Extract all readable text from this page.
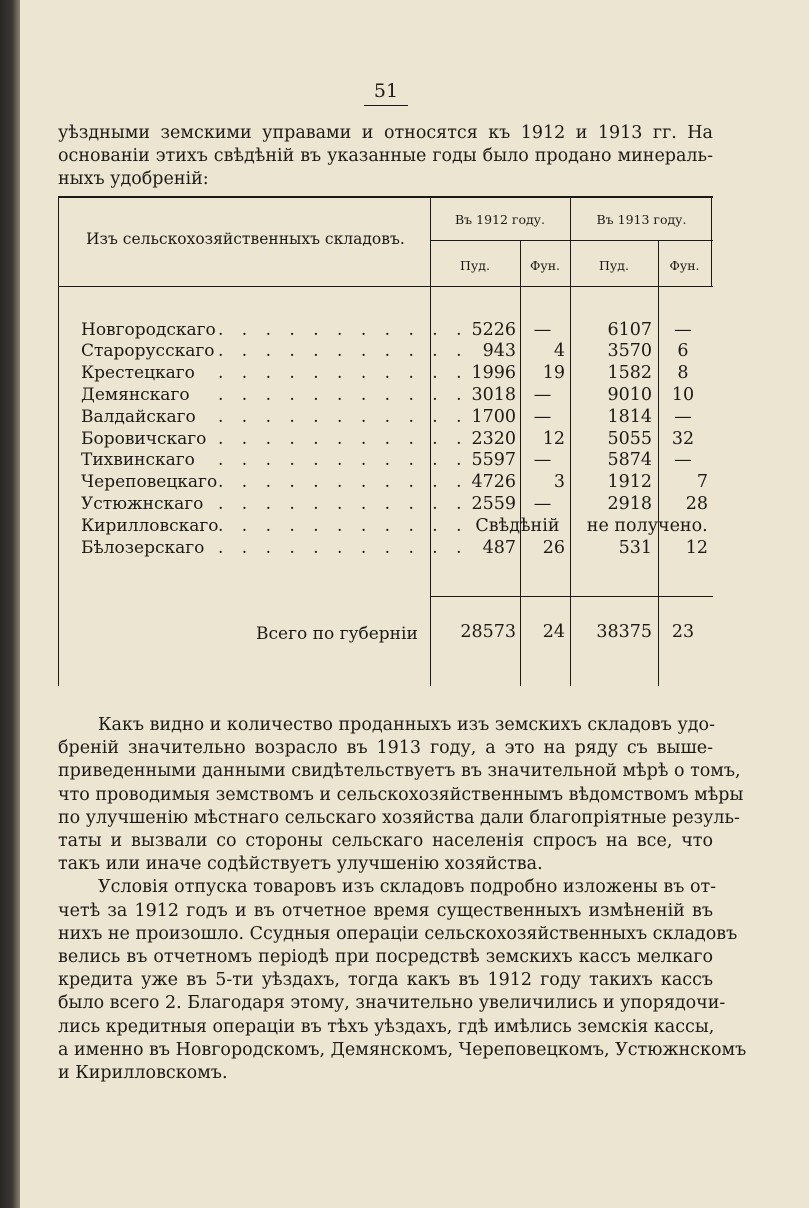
51
уѣздными земскими управами и относятся къ 1912 и 1913 гг. На
основаніи этихъ свѣдѣній въ указанные годы было продано минераль-
ныхъ удобреній:
Изъ сельскохозяйственныхъ складовъ.
Въ 1912 году.	Въ 1913 году.
Пуд.	Фун.	Пуд.	Фун.
Новгородскаго . . . . . . . . . . . 5226	—	6107	—
Старорусскаго . . . . . . . . . . . 943	4	3570	6
Крестецкаго . . . . . . . . . . . 1996	19	1582	8
Демянскаго . . . . . . . . . . . 3018	—	9010	10
Валдайскаго . . . . . . . . . . . 1700	—	1814	—
Боровичскаго . . . . . . . . . . . 2320	12	5055	32
Тихвинскаго . . . . . . . . . . . 5597	—	5874	—
Череповецкаго . . . . . . . . . . . 4726	3	1912	7
Устюжнскаго . . . . . . . . . . . 2559	—	2918	28
Кирилловскаго . . . . . . . . . . . Свѣд ѣній	не полу чено.
Бѣлозерскаго . . . . . . . . . . . 487	26	531	12
Всего по губерніи	28573	24	38375	23
Какъ видно и количество проданныхъ изъ земскихъ складовъ удо-
бреній значительно возрасло въ 1913 году, а это на ряду съ выше-
приведенными данными свидѣтельствуетъ въ значительной мѣрѣ о томъ,
что проводимыя земствомъ и сельскохозяйственнымъ вѣдомствомъ мѣры
по улучшенію мѣстнаго сельскаго хозяйства дали благопріятные резуль-
таты и вызвали со стороны сельскаго населенія спросъ на все, что
такъ или иначе содѣйствуетъ улучшенію хозяйства.
Условія отпуска товаровъ изъ складовъ подробно изложены въ от-
четѣ за 1912 годъ и въ отчетное время существенныхъ измѣненій въ
нихъ не произошло. Ссудныя операціи сельскохозяйственныхъ складовъ
велись въ отчетномъ періодѣ при посредствѣ земскихъ кассъ мелкаго
кредита уже въ 5-ти уѣздахъ, тогда какъ въ 1912 году такихъ кассъ
было всего 2. Благодаря этому, значительно увеличились и упорядочи-
лись кредитныя операціи въ тѣхъ уѣздахъ, гдѣ имѣлись земскія кассы,
а именно въ Новгородскомъ, Демянскомъ, Череповецкомъ, Устюжнскомъ
и Кирилловскомъ.
